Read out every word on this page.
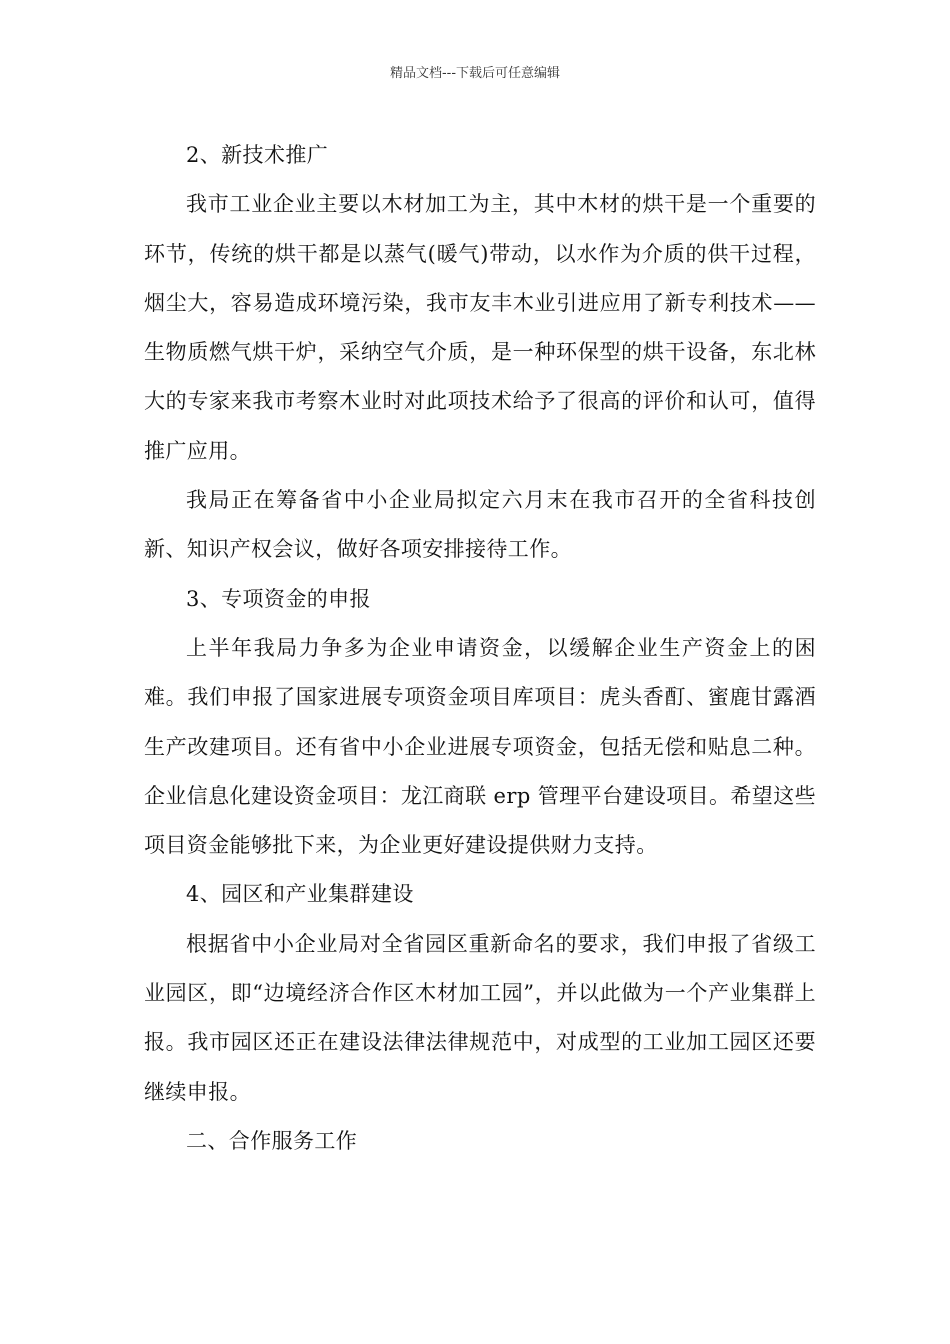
精品文档---下载后可任意编辑

2、新技术推广

我市工业企业主要以木材加工为主，其中木材的烘干是一个重要的环节，传统的烘干都是以蒸气(暖气)带动，以水作为介质的供干过程，烟尘大，容易造成环境污染，我市友丰木业引进应用了新专利技术——生物质燃气烘干炉，采纳空气介质，是一种环保型的烘干设备，东北林大的专家来我市考察木业时对此项技术给予了很高的评价和认可，值得推广应用。

我局正在筹备省中小企业局拟定六月末在我市召开的全省科技创新、知识产权会议，做好各项安排接待工作。

3、专项资金的申报

上半年我局力争多为企业申请资金，以缓解企业生产资金上的困难。我们申报了国家进展专项资金项目库项目：虎头香酊、蜜鹿甘露酒生产改建项目。还有省中小企业进展专项资金，包括无偿和贴息二种。企业信息化建设资金项目：龙江商联 erp 管理平台建设项目。希望这些项目资金能够批下来，为企业更好建设提供财力支持。

4、园区和产业集群建设

根据省中小企业局对全省园区重新命名的要求，我们申报了省级工业园区，即“边境经济合作区木材加工园”，并以此做为一个产业集群上报。我市园区还正在建设法律法律规范中，对成型的工业加工园区还要继续申报。

二、合作服务工作
